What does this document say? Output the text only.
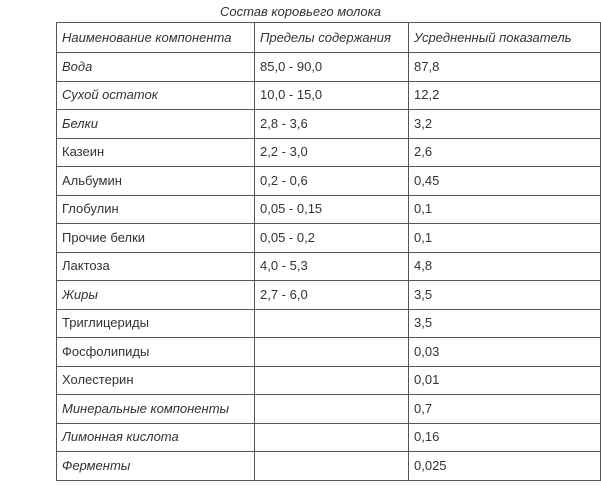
Состав коровьего молока
Наименование компонента	Пределы содержания	Усредненный показатель
Вода	85,0 - 90,0	87,8
Сухой остаток	10,0 - 15,0	12,2
Белки	2,8 - 3,6	3,2
Казеин	2,2 - 3,0	2,6
Альбумин	0,2 - 0,6	0,45
Глобулин	0,05 - 0,15	0,1
Прочие белки	0,05 - 0,2	0,1
Лактоза	4,0 - 5,3	4,8
Жиры	2,7 - 6,0	3,5
Триглицериды		3,5
Фосфолипиды		0,03
Холестерин		0,01
Минеральные компоненты		0,7
Лимонная кислота		0,16
Ферменты		0,025
